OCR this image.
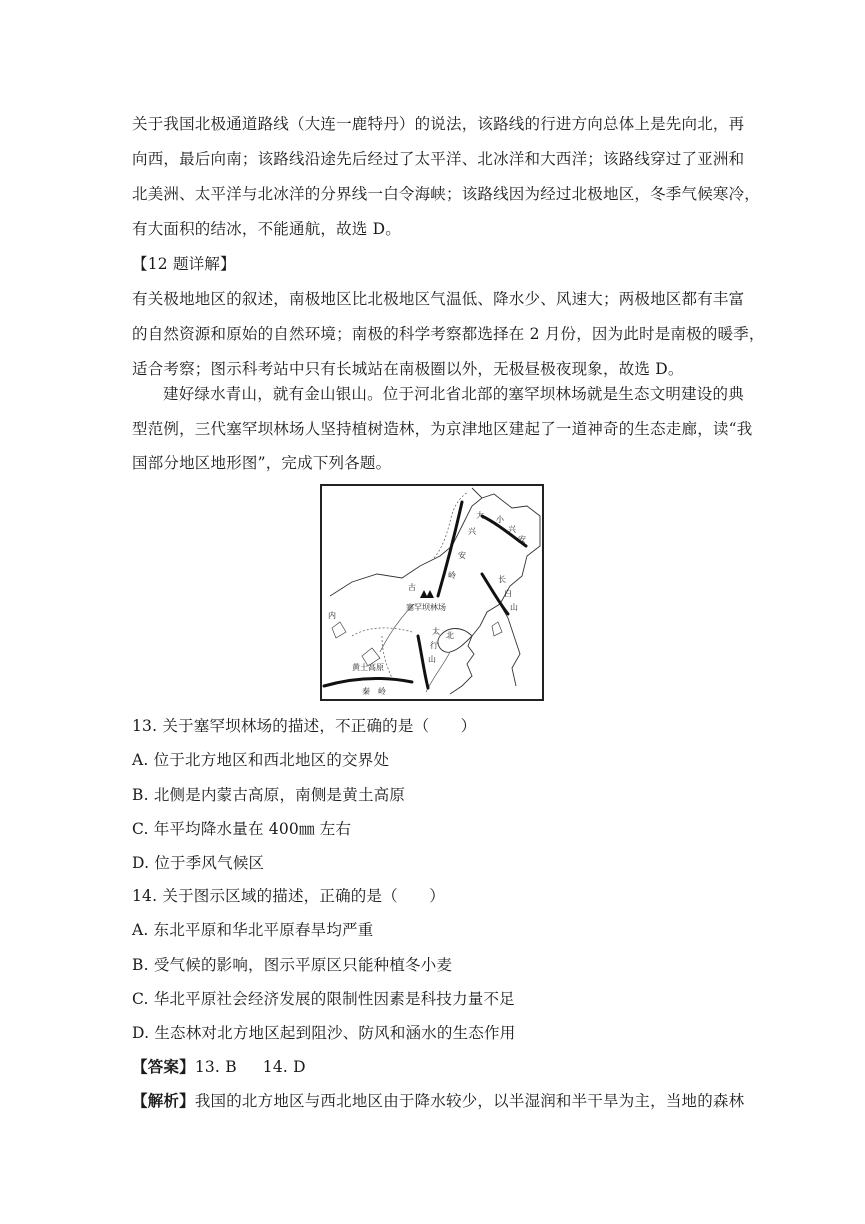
关于我国北极通道路线（大连一鹿特丹）的说法，该路线的行进方向总体上是先向北，再
向西，最后向南；该路线沿途先后经过了太平洋、北冰洋和大西洋；该路线穿过了亚洲和
北美洲、太平洋与北冰洋的分界线一白令海峡；该路线因为经过北极地区，冬季气候寒冷，
有大面积的结冰，不能通航，故选 D。
【12 题详解】
有关极地地区的叙述，南极地区比北极地区气温低、降水少、风速大；两极地区都有丰富
的自然资源和原始的自然环境；南极的科学考察都选择在 2 月份，因为此时是南极的暖季，
适合考察；图示科考站中只有长城站在南极圈以外，无极昼极夜现象，故选 D。
建好绿水青山，就有金山银山。位于河北省北部的塞罕坝林场就是生态文明建设的典
型范例，三代塞罕坝林场人坚持植树造林，为京津地区建起了一道神奇的生态走廊，读“我
国部分地区地形图”，完成下列各题。
大
兴
安
岭
小
兴
安
长
白
山
塞罕坝林场
古
太
行
山
北
黄土高原
内
秦 岭
13. 关于塞罕坝林场的描述，不正确的是（　　）
A. 位于北方地区和西北地区的交界处
B. 北侧是内蒙古高原，南侧是黄土高原
C. 年平均降水量在 400㎜ 左右
D. 位于季风气候区
14. 关于图示区域的描述，正确的是（　　）
A. 东北平原和华北平原春旱均严重
B. 受气候的影响，图示平原区只能种植冬小麦
C. 华北平原社会经济发展的限制性因素是科技力量不足
D. 生态林对北方地区起到阻沙、防风和涵水的生态作用
【答案】13. B 14. D
【解析】我国的北方地区与西北地区由于降水较少，以半湿润和半干旱为主，当地的森林
